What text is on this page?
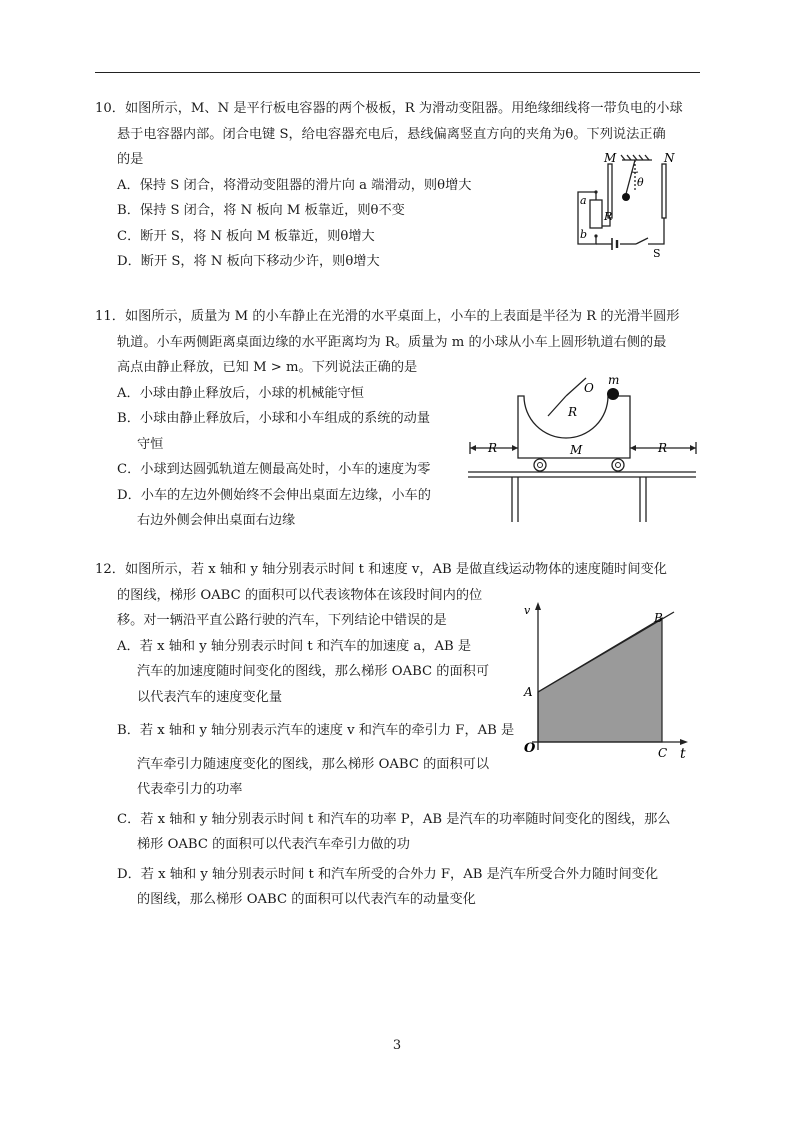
10．如图所示，M、N 是平行板电容器的两个极板，R 为滑动变阻器。用绝缘细线将一带负电的小球

悬于电容器内部。闭合电键 S，给电容器充电后，悬线偏离竖直方向的夹角为θ。下列说法正确

的是

A．保持 S 闭合，将滑动变阻器的滑片向 a 端滑动，则θ增大

B．保持 S 闭合，将 N 板向 M 板靠近，则θ不变

C．断开 S，将 N 板向 M 板靠近，则θ增大

D．断开 S，将 N 板向下移动少许，则θ增大

M	N
θ
a
b
R
S

11．如图所示，质量为 M 的小车静止在光滑的水平桌面上，小车的上表面是半径为 R 的光滑半圆形

轨道。小车两侧距离桌面边缘的水平距离均为 R。质量为 m 的小球从小车上圆形轨道右侧的最

高点由静止释放，已知 M > m。下列说法正确的是

A．小球由静止释放后，小球的机械能守恒

B．小球由静止释放后，小球和小车组成的系统的动量

守恒

C．小球到达圆弧轨道左侧最高处时，小车的速度为零

D．小车的左边外侧始终不会伸出桌面左边缘，小车的

右边外侧会伸出桌面右边缘

O
m
R
M
R	R

12．如图所示，若 x 轴和 y 轴分别表示时间 t 和速度 v，AB 是做直线运动物体的速度随时间变化

的图线，梯形 OABC 的面积可以代表该物体在该段时间内的位

移。对一辆沿平直公路行驶的汽车，下列结论中错误的是

A．若 x 轴和 y 轴分别表示时间 t 和汽车的加速度 a，AB 是

汽车的加速度随时间变化的图线，那么梯形 OABC 的面积可

以代表汽车的速度变化量

B．若 x 轴和 y 轴分别表示汽车的速度 v 和汽车的牵引力 F，AB 是

汽车牵引力随速度变化的图线，那么梯形 OABC 的面积可以

代表牵引力的功率

C．若 x 轴和 y 轴分别表示时间 t 和汽车的功率 P，AB 是汽车的功率随时间变化的图线，那么

梯形 OABC 的面积可以代表汽车牵引力做的功

D．若 x 轴和 y 轴分别表示时间 t 和汽车所受的合外力 F，AB 是汽车所受合外力随时间变化

的图线，那么梯形 OABC 的面积可以代表汽车的动量变化

v
t
O
A
B
C
3
